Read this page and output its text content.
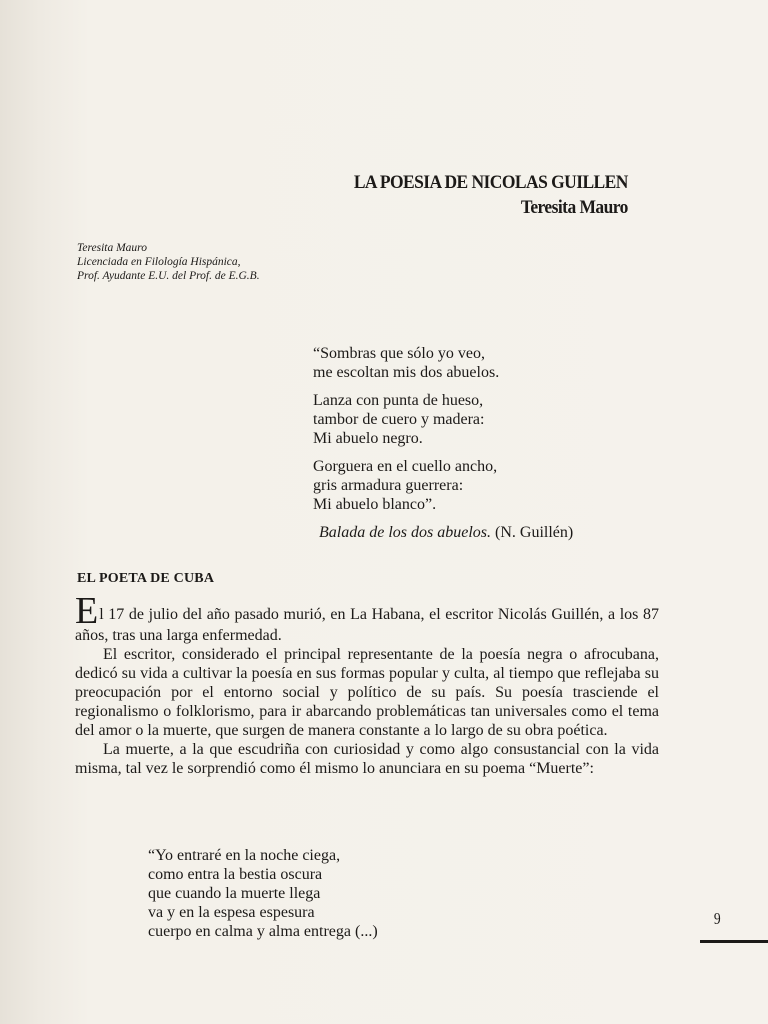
LA POESIA DE NICOLAS GUILLEN
Teresita Mauro
Teresita Mauro
Licenciada en Filología Hispánica,
Prof. Ayudante E.U. del Prof. de E.G.B.
“Sombras que sólo yo veo,
me escoltan mis dos abuelos.
Lanza con punta de hueso,
tambor de cuero y madera:
Mi abuelo negro.
Gorguera en el cuello ancho,
gris armadura guerrera:
Mi abuelo blanco”.
Balada de los dos abuelos. (N. Guillén)
EL POETA DE CUBA

El 17 de julio del año pasado murió, en La Habana, el escritor Nicolás Guillén, a los 87 años, tras una larga enfermedad.

El escritor, considerado el principal representante de la poesía negra o afrocubana, dedicó su vida a cultivar la poesía en sus formas popular y culta, al tiempo que reflejaba su preocupación por el entorno social y político de su país. Su poesía trasciende el regionalismo o folklorismo, para ir abarcando problemáticas tan universales como el tema del amor o la muerte, que surgen de manera constante a lo largo de su obra poética.

La muerte, a la que escudriña con curiosidad y como algo consustancial con la vida misma, tal vez le sorprendió como él mismo lo anunciara en su poema “Muerte”:

“Yo entraré en la noche ciega,
como entra la bestia oscura
que cuando la muerte llega
va y en la espesa espesura
cuerpo en calma y alma entrega (...)
9
